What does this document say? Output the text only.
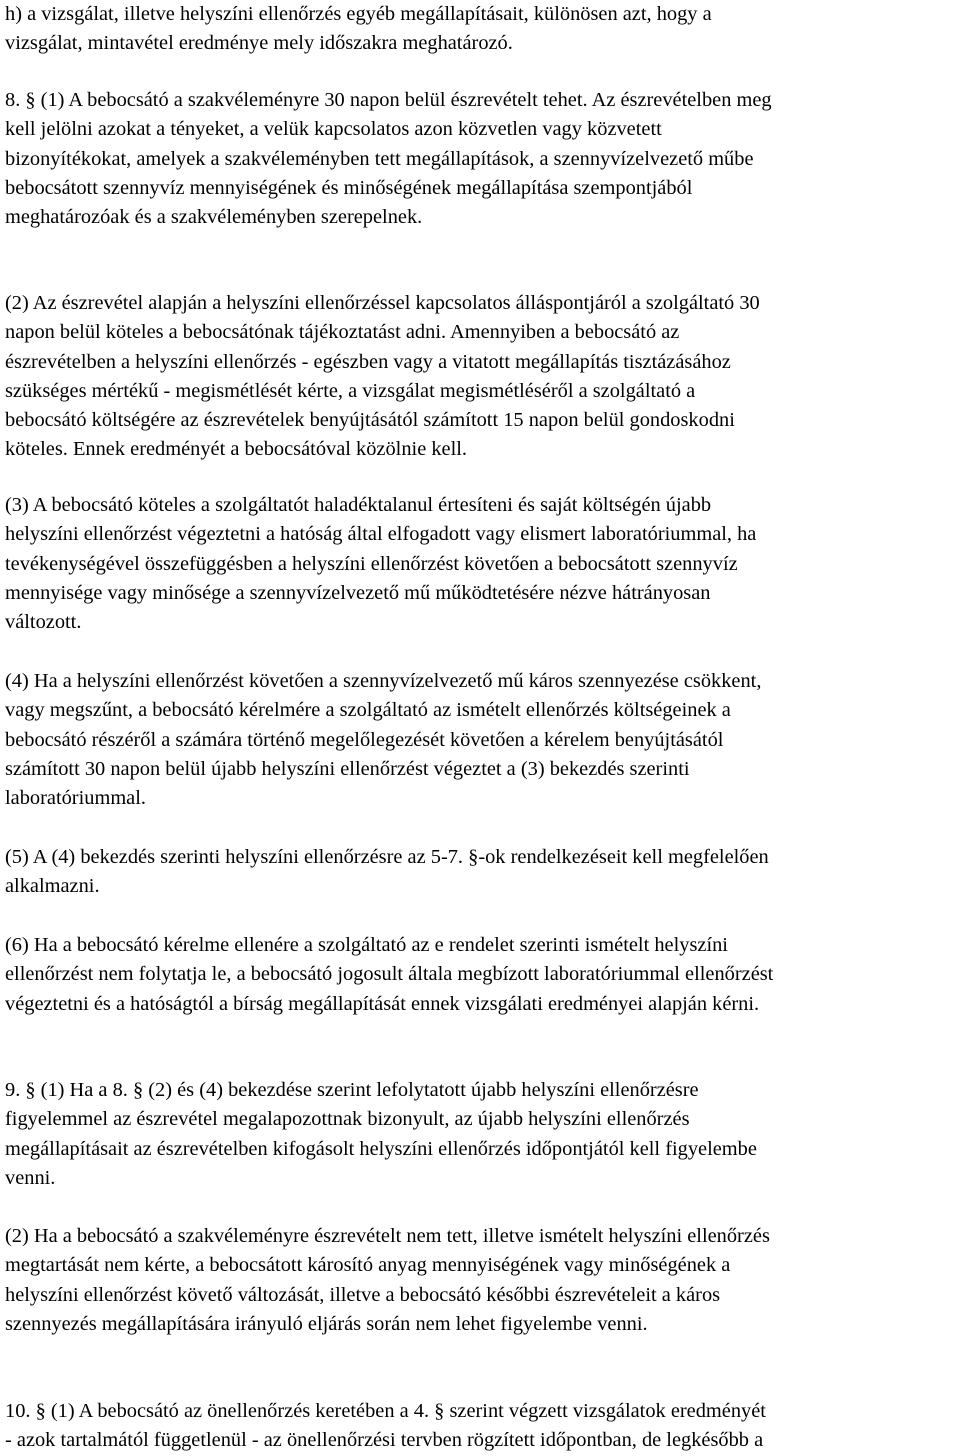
h) a vizsgálat, illetve helyszíni ellenőrzés egyéb megállapításait, különösen azt, hogy a
vizsgálat, mintavétel eredménye mely időszakra meghatározó.
8. § (1) A bebocsátó a szakvéleményre 30 napon belül észrevételt tehet. Az észrevételben meg
kell jelölni azokat a tényeket, a velük kapcsolatos azon közvetlen vagy közvetett
bizonyítékokat, amelyek a szakvéleményben tett megállapítások, a szennyvízelvezető műbe
bebocsátott szennyvíz mennyiségének és minőségének megállapítása szempontjából
meghatározóak és a szakvéleményben szerepelnek.
(2) Az észrevétel alapján a helyszíni ellenőrzéssel kapcsolatos álláspontjáról a szolgáltató 30
napon belül köteles a bebocsátónak tájékoztatást adni. Amennyiben a bebocsátó az
észrevételben a helyszíni ellenőrzés - egészben vagy a vitatott megállapítás tisztázásához
szükséges mértékű - megismétlését kérte, a vizsgálat megismétléséről a szolgáltató a
bebocsátó költségére az észrevételek benyújtásától számított 15 napon belül gondoskodni
köteles. Ennek eredményét a bebocsátóval közölnie kell.
(3) A bebocsátó köteles a szolgáltatót haladéktalanul értesíteni és saját költségén újabb
helyszíni ellenőrzést végeztetni a hatóság által elfogadott vagy elismert laboratóriummal, ha
tevékenységével összefüggésben a helyszíni ellenőrzést követően a bebocsátott szennyvíz
mennyisége vagy minősége a szennyvízelvezető mű működtetésére nézve hátrányosan
változott.
(4) Ha a helyszíni ellenőrzést követően a szennyvízelvezető mű káros szennyezése csökkent,
vagy megszűnt, a bebocsátó kérelmére a szolgáltató az ismételt ellenőrzés költségeinek a
bebocsátó részéről a számára történő megelőlegezését követően a kérelem benyújtásától
számított 30 napon belül újabb helyszíni ellenőrzést végeztet a (3) bekezdés szerinti
laboratóriummal.
(5) A (4) bekezdés szerinti helyszíni ellenőrzésre az 5-7. §-ok rendelkezéseit kell megfelelően
alkalmazni.
(6) Ha a bebocsátó kérelme ellenére a szolgáltató az e rendelet szerinti ismételt helyszíni
ellenőrzést nem folytatja le, a bebocsátó jogosult általa megbízott laboratóriummal ellenőrzést
végeztetni és a hatóságtól a bírság megállapítását ennek vizsgálati eredményei alapján kérni.
9. § (1) Ha a 8. § (2) és (4) bekezdése szerint lefolytatott újabb helyszíni ellenőrzésre
figyelemmel az észrevétel megalapozottnak bizonyult, az újabb helyszíni ellenőrzés
megállapításait az észrevételben kifogásolt helyszíni ellenőrzés időpontjától kell figyelembe
venni.
(2) Ha a bebocsátó a szakvéleményre észrevételt nem tett, illetve ismételt helyszíni ellenőrzés
megtartását nem kérte, a bebocsátott károsító anyag mennyiségének vagy minőségének a
helyszíni ellenőrzést követő változását, illetve a bebocsátó későbbi észrevételeit a káros
szennyezés megállapítására irányuló eljárás során nem lehet figyelembe venni.
10. § (1) A bebocsátó az önellenőrzés keretében a 4. § szerint végzett vizsgálatok eredményét
- azok tartalmától függetlenül - az önellenőrzési tervben rögzített időpontban, de legkésőbb a
